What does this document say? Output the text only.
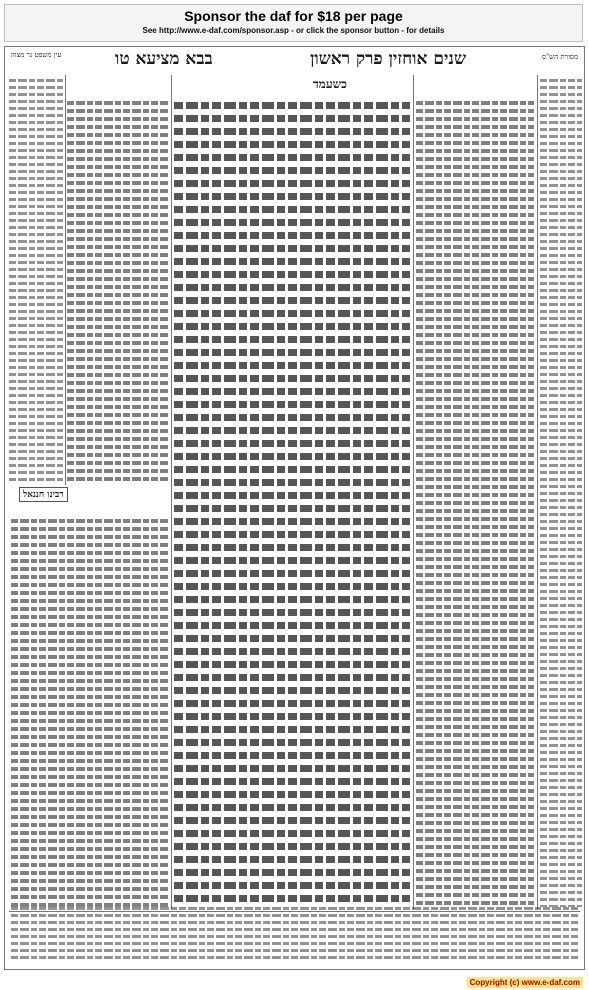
Sponsor the daf for $18 per page
See http://www.e-daf.com/sponsor.asp - or click the sponsor button - for details
שנים אוחזין פרק ראשון
בבא מציעא טו	מסורת הש"ס
עין משפט נר מצוה
כשעמד
רבינו חננאל
Copyright (c) www.e-daf.com
